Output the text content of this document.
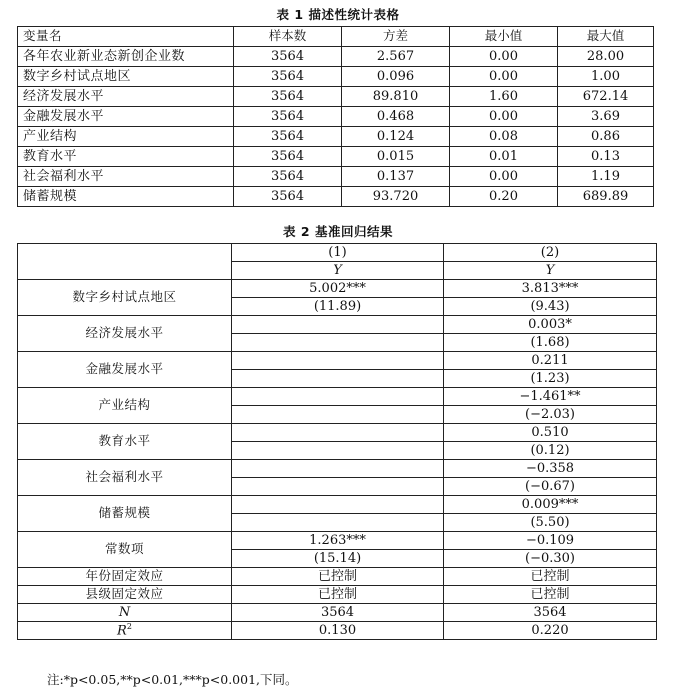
表 1 描述性统计表格
变量名	样本数	方差	最小值	最大值
各年农业新业态新创企业数	3564	2.567	0.00	28.00
数字乡村试点地区	3564	0.096	0.00	1.00
经济发展水平	3564	89.810	1.60	672.14
金融发展水平	3564	0.468	0.00	3.69
产业结构	3564	0.124	0.08	0.86
教育水平	3564	0.015	0.01	0.13
社会福利水平	3564	0.137	0.00	1.19
储蓄规模	3564	93.720	0.20	689.89
表 2 基准回归结果
	(1)	(2)
	Y	Y
数字乡村试点地区	5.002***	3.813***
	(11.89)	(9.43)
经济发展水平		0.003*
		(1.68)
金融发展水平		0.211
		(1.23)
产业结构		−1.461**
		(−2.03)
教育水平		0.510
		(0.12)
社会福利水平		−0.358
		(−0.67)
储蓄规模		0.009***
		(5.50)
常数项	1.263***	−0.109
	(15.14)	(−0.30)
年份固定效应	已控制	已控制
县级固定效应	已控制	已控制
N	3564	3564
$R^2$	0.130	0.220
注:*p<0.05,**p<0.01,***p<0.001,下同。
